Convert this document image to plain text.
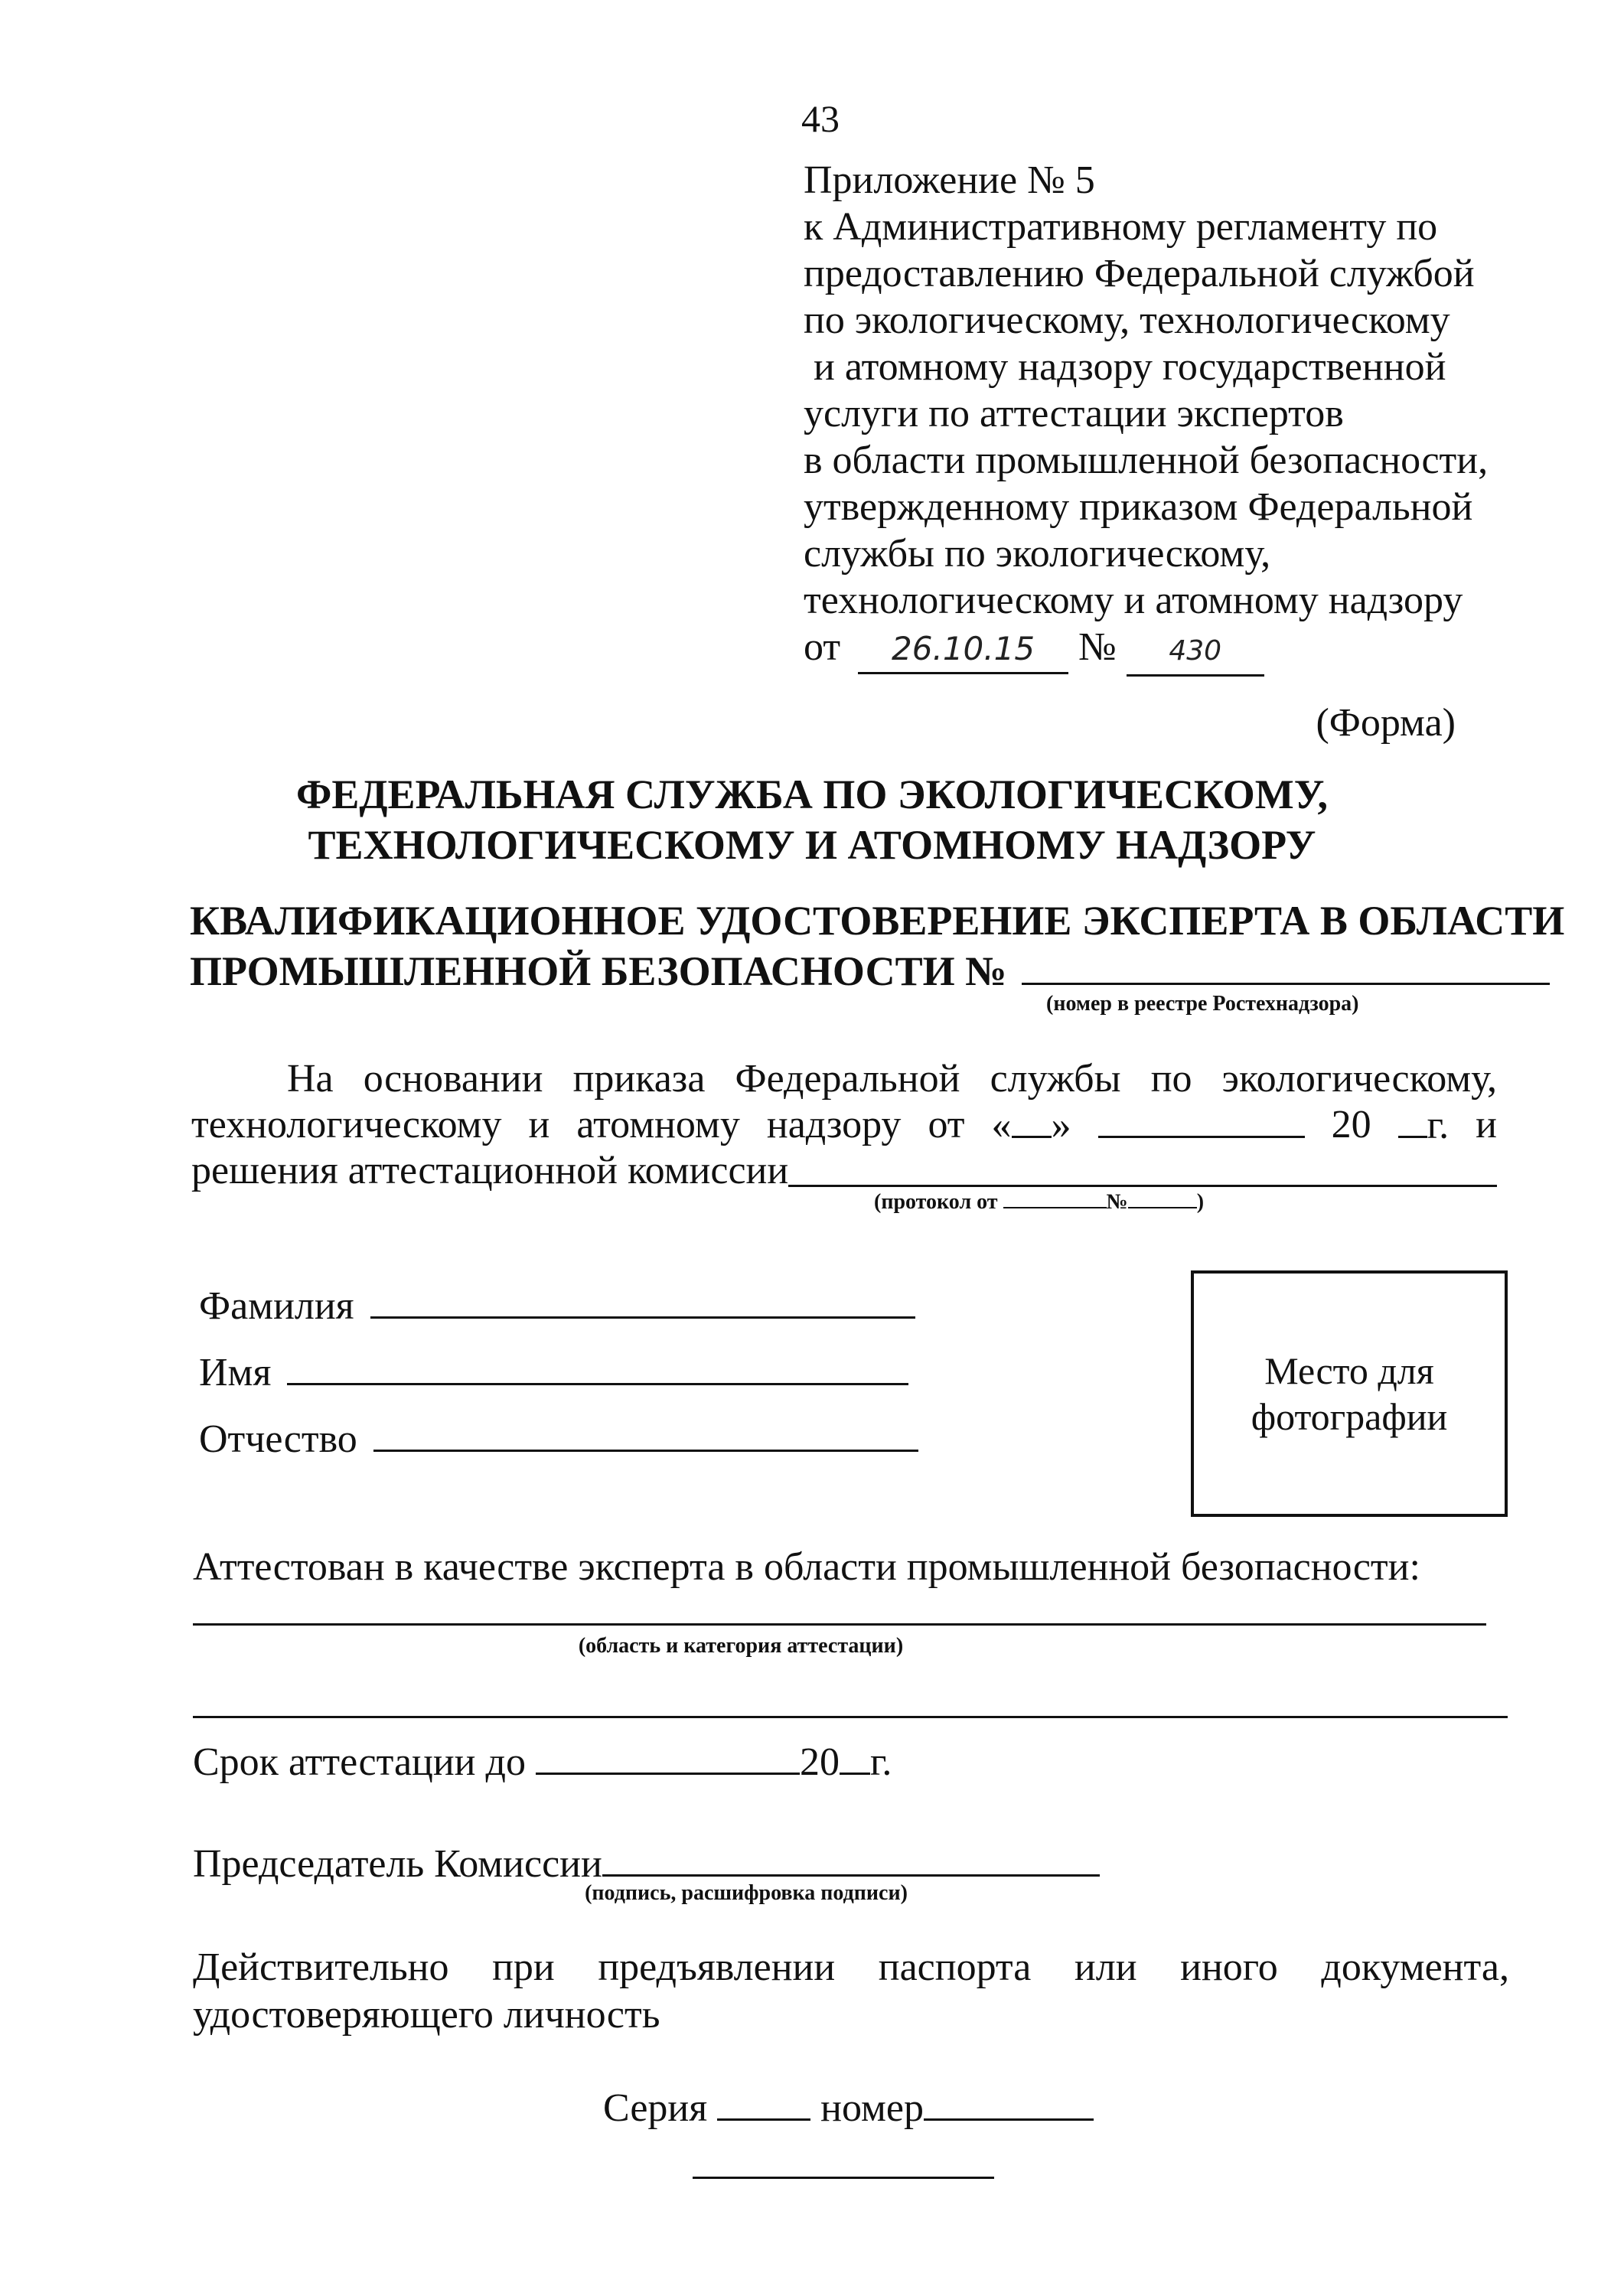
43
Приложение № 5
к Административному регламенту по
предоставлению Федеральной службой
по экологическому, технологическому
и атомному надзору государственной
услуги по аттестации экспертов
в области промышленной безопасности,
утвержденному приказом Федеральной
службы по экологическому,
технологическому и атомному надзору
от 26.10.15 № 430
(Форма)
ФЕДЕРАЛЬНАЯ СЛУЖБА ПО ЭКОЛОГИЧЕСКОМУ,
ТЕХНОЛОГИЧЕСКОМУ И АТОМНОМУ НАДЗОРУ
КВАЛИФИКАЦИОННОЕ УДОСТОВЕРЕНИЕ ЭКСПЕРТА В ОБЛАСТИ
ПРОМЫШЛЕННОЙ БЕЗОПАСНОСТИ №
(номер в реестре Ростехнадзора)
На основании приказа Федеральной службы по экологическому,
технологическому и атомному надзору от « »	20	г. и
решения аттестационной комиссии
(протокол от	№	)
Фамилия
Имя
Отчество
Место для
фотографии
Аттестован в качестве эксперта в области промышленной безопасности:
(область и категория аттестации)
Срок аттестации до	20 г.
Председатель Комиссии
(подпись, расшифровка подписи)
Действительно при предъявлении паспорта или иного документа,
удостоверяющего личность
Серия	номер
